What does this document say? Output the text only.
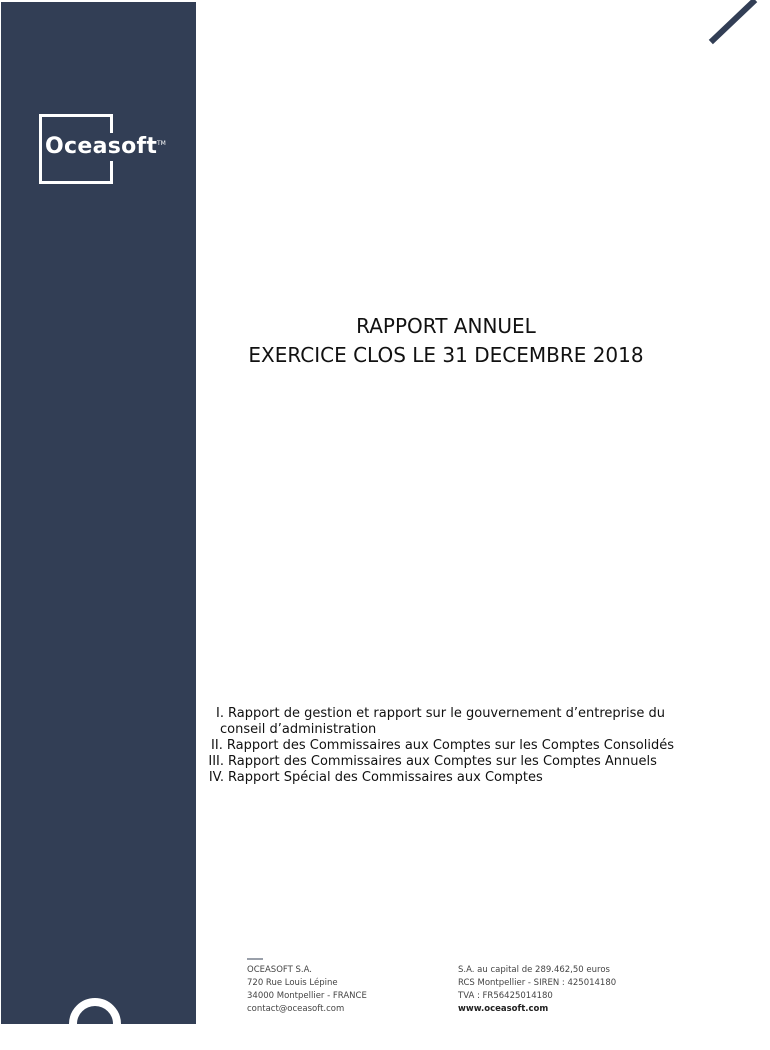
Oceasoft TM
RAPPORT ANNUEL
EXERCICE CLOS LE 31 DECEMBRE 2018
I. Rapport de gestion et rapport sur le gouvernement d’entreprise du
conseil d’administration
II. Rapport des Commissaires aux Comptes sur les Comptes Consolidés
III. Rapport des Commissaires aux Comptes sur les Comptes Annuels
IV. Rapport Spécial des Commissaires aux Comptes
OCEASOFT S.A.
720 Rue Louis Lépine
34000 Montpellier - FRANCE
contact@oceasoft.com
S.A. au capital de 289.462,50 euros
RCS Montpellier - SIREN : 425014180
TVA : FR56425014180
www.oceasoft.com
